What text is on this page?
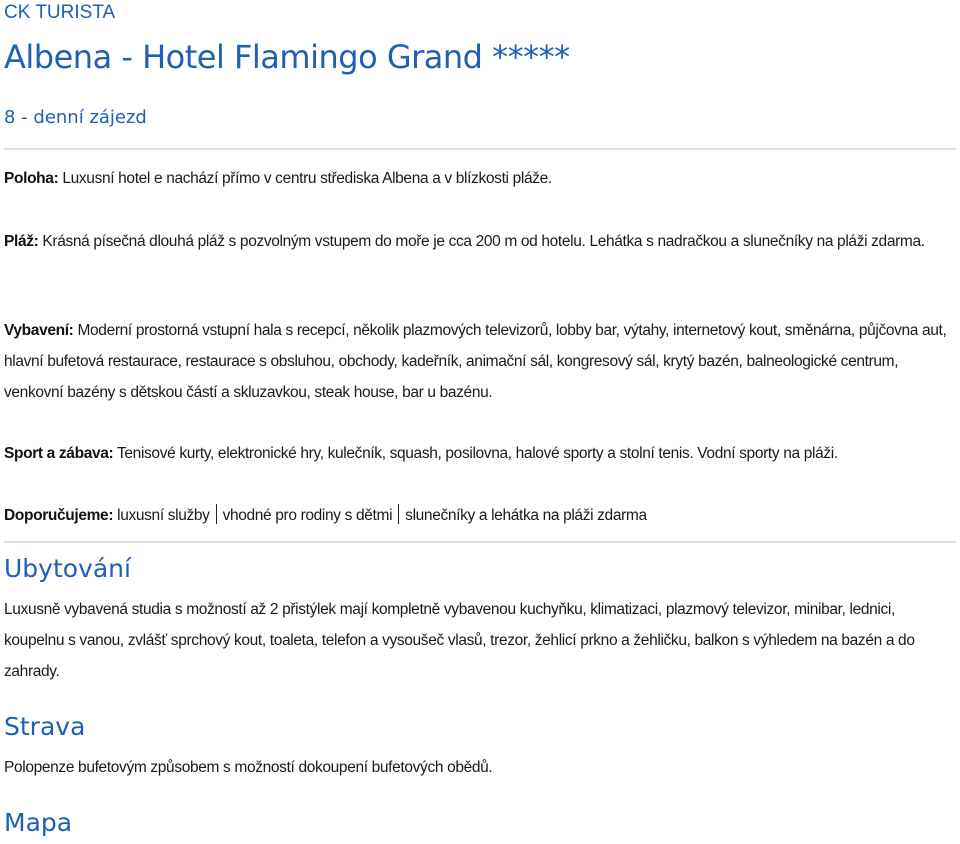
CK TURISTA
Albena - Hotel Flamingo Grand *****
8 - denní zájezd
Poloha: Luxusní hotel e nachází přímo v centru střediska Albena a v blízkosti pláže.
Pláž: Krásná písečná dlouhá pláž s pozvolným vstupem do moře je cca 200 m od hotelu. Lehátka s nadračkou a slunečníky na pláži zdarma.
Vybavení: Moderní prostorná vstupní hala s recepcí, několik plazmových televizorů, lobby bar, výtahy, internetový kout, směnárna, půjčovna aut, hlavní bufetová restaurace, restaurace s obsluhou, obchody, kadeřník, animační sál, kongresový sál, krytý bazén, balneologické centrum, venkovní bazény s dětskou částí a skluzavkou, steak house, bar u bazénu.
Sport a zábava: Tenisové kurty, elektronické hry, kulečník, squash, posilovna, halové sporty a stolní tenis. Vodní sporty na pláži.
Doporučujeme: luxusní služby vhodné pro rodiny s dětmi slunečníky a lehátka na pláži zdarma
Ubytování
Luxusně vybavená studia s možností až 2 přistýlek mají kompletně vybavenou kuchyňku, klimatizaci, plazmový televizor, minibar, lednici, koupelnu s vanou, zvlášť sprchový kout, toaleta, telefon a vysoušeč vlasů, trezor, žehlicí prkno a žehličku, balkon s výhledem na bazén a do zahrady.
Strava
Polopenze bufetovým způsobem s možností dokoupení bufetových obědů.
Mapa
